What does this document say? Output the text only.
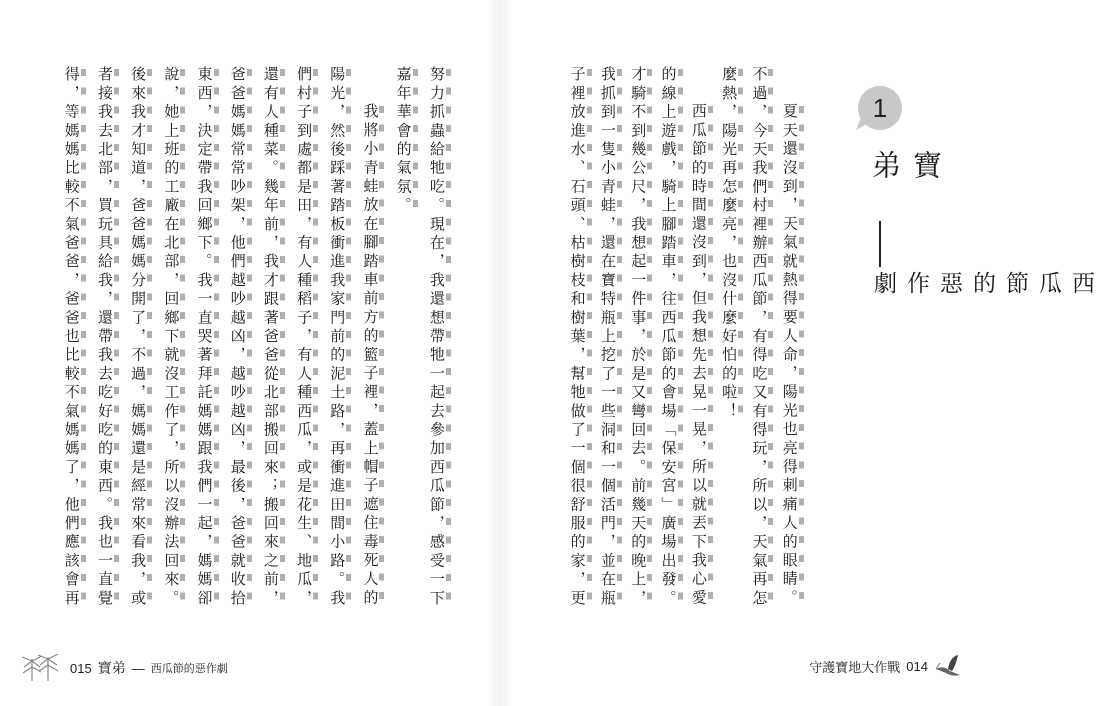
努力抓蟲給牠吃。現在，我還想帶牠一起去參加西瓜節，感受一下
嘉年華會的氣氛。
我將小青蛙放在腳踏車前方的籃子裡，蓋上帽子遮住毒死人的
陽光，然後踩著踏板衝進我家門前的泥土路，再衝進田間小路。我
們村子到處都是田，有人種稻子，有人種西瓜，或是花生、地瓜，
還有人種菜。幾年前，我才跟著爸爸從北部搬回來；搬回來之前，
爸爸媽媽常常吵架，他們越吵越凶，越吵越凶，最後，爸爸就收拾
東西，決定帶我回鄉下。我一直哭著拜託媽媽跟我們一起，媽媽卻
說，她上班的工廠在北部，回鄉下就沒工作了，所以沒辦法回來。
後來我才知道，爸爸媽媽分開了，不過，媽媽還是經常來看我，或
者接我去北部，買玩具給我，還帶我去吃好吃的東西。我也一直覺
得，等媽媽比較不氣爸爸，爸爸也比較不氣媽媽了，他們應該會再
015 寶弟 — 西瓜節的惡作劇
夏天還沒到，天氣就熱得要人命，陽光也亮得刺痛人的眼睛。
不過，今天我們村裡辦西瓜節，有得吃又有得玩，所以，天氣再怎
麼熱，陽光再怎麼亮，也沒什麼好怕的啦！
西瓜節的時間還沒到，但我想先去晃一晃，所以就丟下我心愛
的線上遊戲，騎上腳踏車，往西瓜節的會場「保安宮」廣場出發。
才騎不到幾公尺，我想起一件事，於是又彎回去。前幾天的晚上，
我抓到一隻小青蛙，還在寶特瓶上挖了一些洞和一個活門，並在瓶
子裡放進水、石頭、枯樹枝和樹葉，幫牠做了一個很舒服的家，更	1
寶弟
西瓜節的惡作劇
守護寶地大作戰 014
